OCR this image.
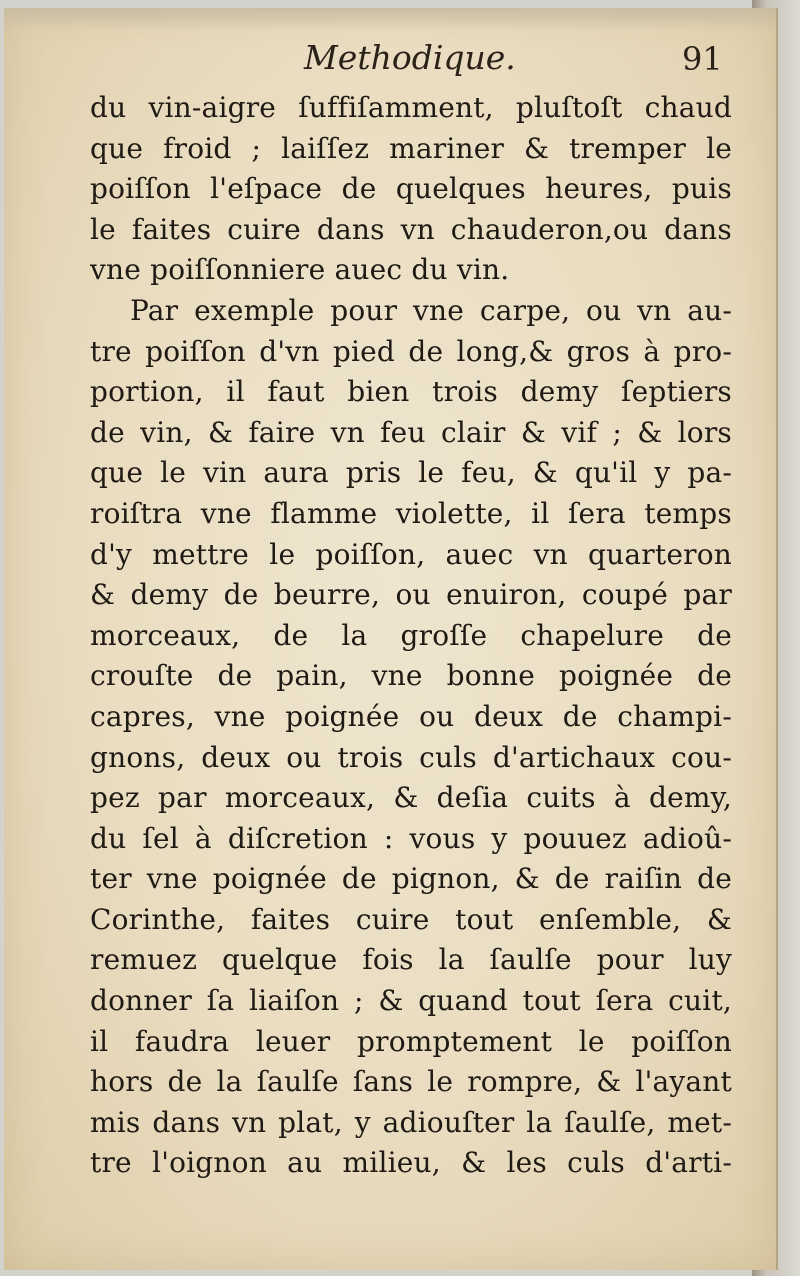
Methodique.	91
du vin-aigre ſuffiſamment, pluſtoſt chaud
que froid ; laiſſez mariner & tremper le
poiſſon l'eſpace de quelques heures, puis
le faites cuire dans vn chauderon,ou dans
vne poiſſonniere auec du vin.
Par exemple pour vne carpe, ou vn au-
tre poiſſon d'vn pied de long,& gros à pro-
portion, il faut bien trois demy ſeptiers
de vin, & faire vn feu clair & vif ; & lors
que le vin aura pris le feu, & qu'il y pa-
roiſtra vne flamme violette, il ſera temps
d'y mettre le poiſſon, auec vn quarteron
& demy de beurre, ou enuiron, coupé par
morceaux, de la groſſe chapelure de
crouſte de pain, vne bonne poignée de
capres, vne poignée ou deux de champi-
gnons, deux ou trois culs d'artichaux cou-
pez par morceaux, & deſia cuits à demy,
du ſel à diſcretion : vous y pouuez adioû-
ter vne poignée de pignon, & de raiſin de
Corinthe, faites cuire tout enſemble, &
remuez quelque fois la ſaulſe pour luy
donner ſa liaiſon ; & quand tout ſera cuit,
il faudra leuer promptement le poiſſon
hors de la ſaulſe ſans le rompre, & l'ayant
mis dans vn plat, y adiouſter la ſaulſe, met-
tre l'oignon au milieu, & les culs d'arti-
